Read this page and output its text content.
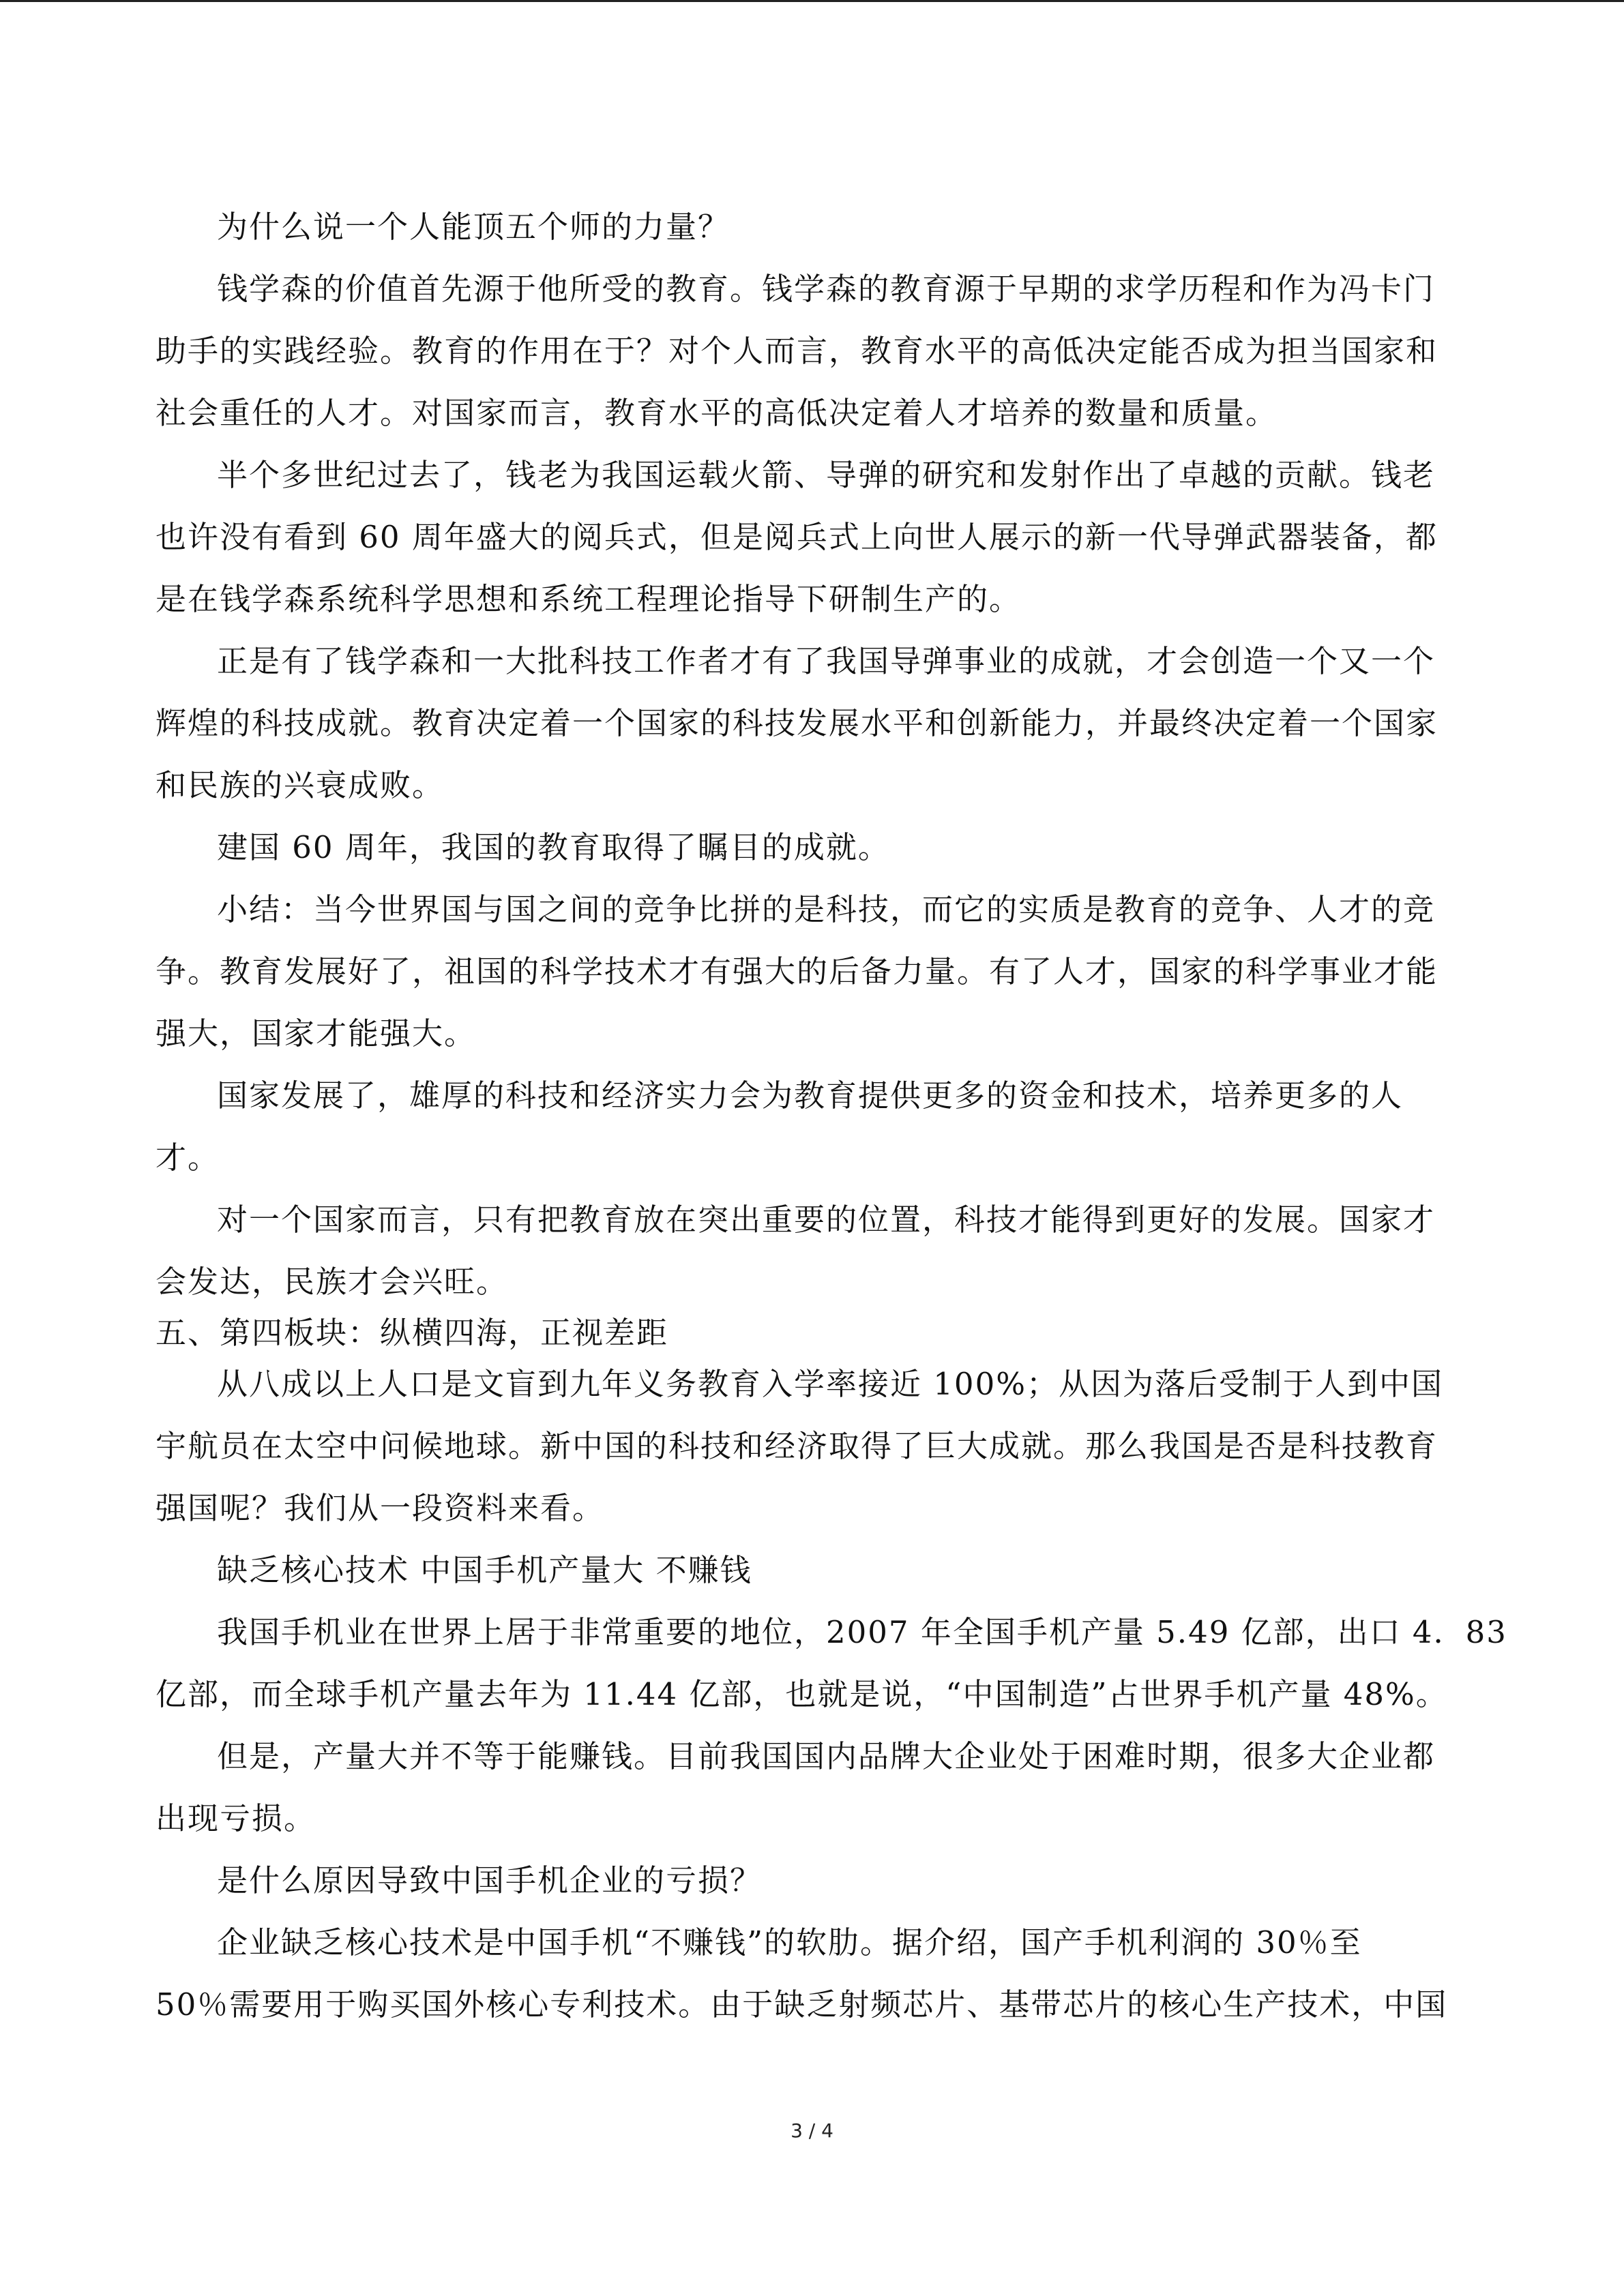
为什么说一个人能顶五个师的力量？
钱学森的价值首先源于他所受的教育。钱学森的教育源于早期的求学历程和作为冯卡门
助手的实践经验。教育的作用在于？对个人而言，教育水平的高低决定能否成为担当国家和
社会重任的人才。对国家而言，教育水平的高低决定着人才培养的数量和质量。
半个多世纪过去了，钱老为我国运载火箭、导弹的研究和发射作出了卓越的贡献。钱老
也许没有看到 60 周年盛大的阅兵式，但是阅兵式上向世人展示的新一代导弹武器装备，都
是在钱学森系统科学思想和系统工程理论指导下研制生产的。
正是有了钱学森和一大批科技工作者才有了我国导弹事业的成就，才会创造一个又一个
辉煌的科技成就。教育决定着一个国家的科技发展水平和创新能力，并最终决定着一个国家
和民族的兴衰成败。
建国 60 周年，我国的教育取得了瞩目的成就。
小结：当今世界国与国之间的竞争比拼的是科技，而它的实质是教育的竞争、人才的竞
争。教育发展好了，祖国的科学技术才有强大的后备力量。有了人才，国家的科学事业才能
强大，国家才能强大。
国家发展了，雄厚的科技和经济实力会为教育提供更多的资金和技术，培养更多的人
才。
对一个国家而言，只有把教育放在突出重要的位置，科技才能得到更好的发展。国家才
会发达，民族才会兴旺。
五、第四板块：纵横四海，正视差距
从八成以上人口是文盲到九年义务教育入学率接近 100%；从因为落后受制于人到中国
宇航员在太空中问候地球。新中国的科技和经济取得了巨大成就。那么我国是否是科技教育
强国呢？我们从一段资料来看。
缺乏核心技术 中国手机产量大 不赚钱
我国手机业在世界上居于非常重要的地位，2007 年全国手机产量 5.49 亿部，出口 4．83
亿部，而全球手机产量去年为 11.44 亿部，也就是说，“中国制造”占世界手机产量 48%。
但是，产量大并不等于能赚钱。目前我国国内品牌大企业处于困难时期，很多大企业都
出现亏损。
是什么原因导致中国手机企业的亏损？
企业缺乏核心技术是中国手机“不赚钱”的软肋。据介绍，国产手机利润的 30％至
50％需要用于购买国外核心专利技术。由于缺乏射频芯片、基带芯片的核心生产技术，中国
3 / 4
